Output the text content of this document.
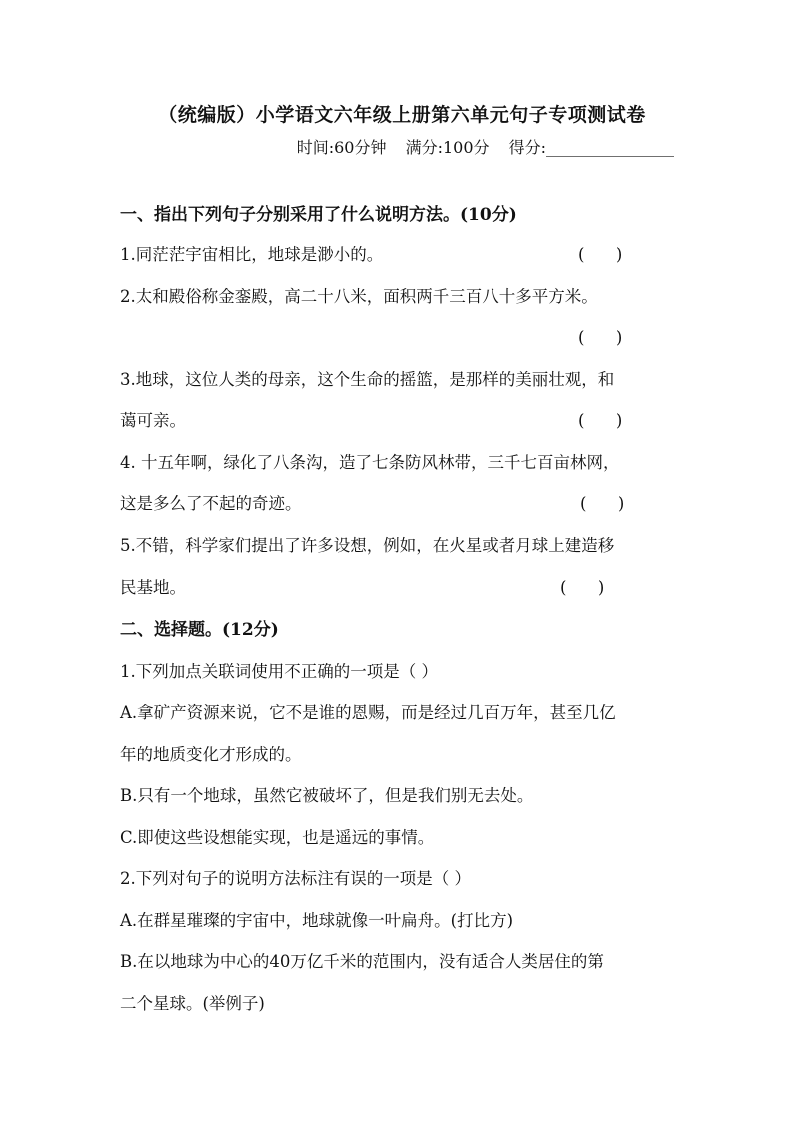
（统编版）小学语文六年级上册第六单元句子专项测试卷
时间:60分钟 满分:100分 得分:________________
一、指出下列句子分别采用了什么说明方法。(10分)
1.同茫茫宇宙相比，地球是渺小的。	(      )
2.太和殿俗称金銮殿，高二十八米，面积两千三百八十多平方米。
(      )
3.地球，这位人类的母亲，这个生命的摇篮，是那样的美丽壮观，和
蔼可亲。	(      )
4. 十五年啊，绿化了八条沟，造了七条防风林带，三千七百亩林网，
这是多么了不起的奇迹。	(      )
5.不错，科学家们提出了许多设想，例如，在火星或者月球上建造移
民基地。	(      )
二、选择题。(12分)
1.下列加点关联词使用不正确的一项是（ ）
A.拿矿产资源来说，它不是谁的恩赐，而是经过几百万年，甚至几亿
年的地质变化才形成的。
B.只有一个地球，虽然它被破坏了，但是我们别无去处。
C.即使这些设想能实现，也是遥远的事情。
2.下列对句子的说明方法标注有误的一项是（ ）
A.在群星璀璨的宇宙中，地球就像一叶扁舟。(打比方)
B.在以地球为中心的40万亿千米的范围内，没有适合人类居住的第
二个星球。(举例子)
